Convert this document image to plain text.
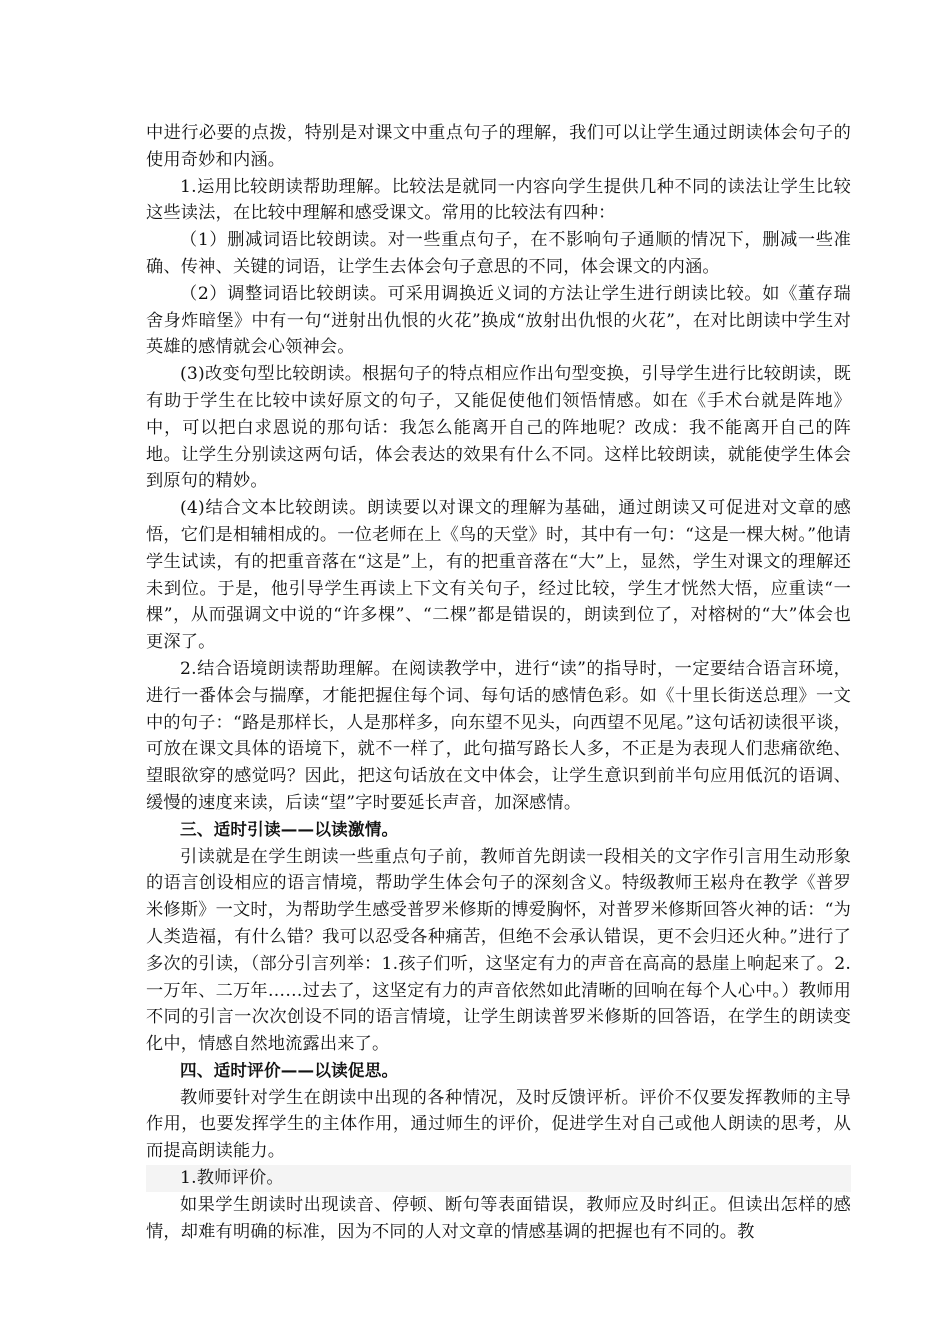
中进行必要的点拨，特别是对课文中重点句子的理解，我们可以让学生通过朗读体会句子的使用奇妙和内涵。

1.运用比较朗读帮助理解。比较法是就同一内容向学生提供几种不同的读法让学生比较这些读法，在比较中理解和感受课文。常用的比较法有四种：

（1）删减词语比较朗读。对一些重点句子，在不影响句子通顺的情况下，删减一些准确、传神、关键的词语，让学生去体会句子意思的不同，体会课文的内涵。

（2）调整词语比较朗读。可采用调换近义词的方法让学生进行朗读比较。如《董存瑞舍身炸暗堡》中有一句“迸射出仇恨的火花”换成“放射出仇恨的火花”，在对比朗读中学生对英雄的感情就会心领神会。

(3)改变句型比较朗读。根据句子的特点相应作出句型变换，引导学生进行比较朗读，既有助于学生在比较中读好原文的句子，又能促使他们领悟情感。如在《手术台就是阵地》中，可以把白求恩说的那句话：我怎么能离开自己的阵地呢？改成：我不能离开自己的阵地。让学生分别读这两句话，体会表达的效果有什么不同。这样比较朗读，就能使学生体会到原句的精妙。

(4)结合文本比较朗读。朗读要以对课文的理解为基础，通过朗读又可促进对文章的感悟，它们是相辅相成的。一位老师在上《鸟的天堂》时，其中有一句：“这是一棵大树。”他请学生试读，有的把重音落在“这是”上，有的把重音落在“大”上，显然，学生对课文的理解还未到位。于是，他引导学生再读上下文有关句子，经过比较，学生才恍然大悟，应重读“一棵”，从而强调文中说的“许多棵”、“二棵”都是错误的，朗读到位了，对榕树的“大”体会也更深了。

2.结合语境朗读帮助理解。在阅读教学中，进行“读”的指导时，一定要结合语言环境，进行一番体会与揣摩，才能把握住每个词、每句话的感情色彩。如《十里长街送总理》一文中的句子：“路是那样长，人是那样多，向东望不见头，向西望不见尾。”这句话初读很平谈，可放在课文具体的语境下，就不一样了，此句描写路长人多，不正是为表现人们悲痛欲绝、望眼欲穿的感觉吗？因此，把这句话放在文中体会，让学生意识到前半句应用低沉的语调、缓慢的速度来读，后读“望”字时要延长声音，加深感情。

三、适时引读——以读激情。

引读就是在学生朗读一些重点句子前，教师首先朗读一段相关的文字作引言用生动形象的语言创设相应的语言情境，帮助学生体会句子的深刻含义。特级教师王崧舟在教学《普罗米修斯》一文时，为帮助学生感受普罗米修斯的博爱胸怀，对普罗米修斯回答火神的话：“为人类造福，有什么错？我可以忍受各种痛苦，但绝不会承认错误，更不会归还火种。”进行了多次的引读，（部分引言列举：1.孩子们听，这坚定有力的声音在高高的悬崖上响起来了。2.一万年、二万年……过去了，这坚定有力的声音依然如此清晰的回响在每个人心中。）教师用不同的引言一次次创设不同的语言情境，让学生朗读普罗米修斯的回答语，在学生的朗读变化中，情感自然地流露出来了。

四、适时评价——以读促思。

教师要针对学生在朗读中出现的各种情况，及时反馈评析。评价不仅要发挥教师的主导作用，也要发挥学生的主体作用，通过师生的评价，促进学生对自己或他人朗读的思考，从而提高朗读能力。

1.教师评价。

如果学生朗读时出现读音、停顿、断句等表面错误，教师应及时纠正。但读出怎样的感情，却难有明确的标准，因为不同的人对文章的情感基调的把握也有不同的。教
